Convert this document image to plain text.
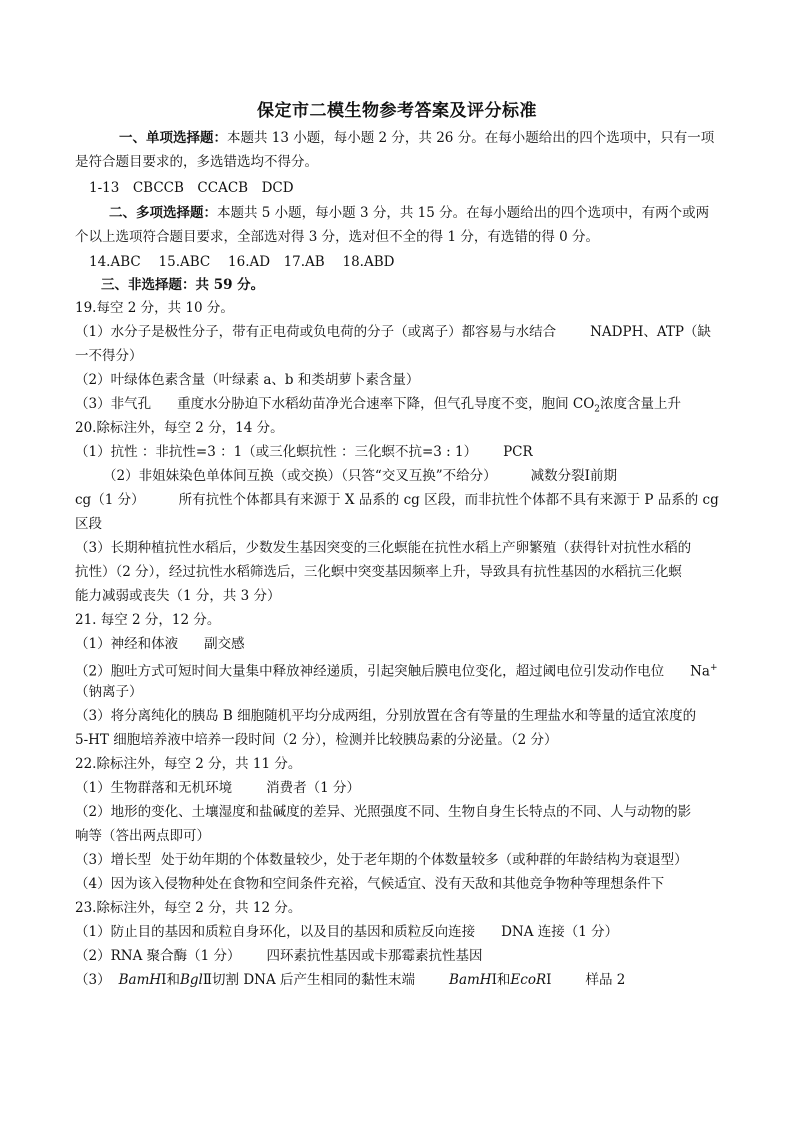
保定市二模生物参考答案及评分标准
一、单项选择题：本题共 13 小题，每小题 2 分，共 26 分。在每小题给出的四个选项中，只有一项
是符合题目要求的，多选错选均不得分。
1-13　CBCCB　CCACB　DCD
二、多项选择题：本题共 5 小题，每小题 3 分，共 15 分。在每小题给出的四个选项中，有两个或两
个以上选项符合题目要求，全部选对得 3 分，选对但不全的得 1 分，有选错的得 0 分。
14.ABC　 15.ABC　 16.AD　17.AB　 18.ABD
三、非选择题：共 59 分。
19.每空 2 分，共 10 分。
（1）水分子是极性分子，带有正电荷或负电荷的分子（或离子）都容易与水结合	NADPH、ATP（缺
一不得分）
（2）叶绿体色素含量（叶绿素 a、b 和类胡萝卜素含量）
（3）非气孔 重度水分胁迫下水稻幼苗净光合速率下降，但气孔导度不变，胞间 $CO_2$浓度含量上升
20.除标注外，每空 2 分，14 分。
（1）抗性 ：非抗性=3 ：1（或三化螟抗性 ：三化螟不抗=3 : 1） PCR
（2）非姐妹染色单体间互换（或交换）（只答“交叉互换”不给分）	减数分裂Ⅰ前期
cg（1 分）	所有抗性个体都具有来源于 X 品系的 cg 区段，而非抗性个体都不具有来源于 P 品系的 cg
区段
（3）长期种植抗性水稻后，少数发生基因突变的三化螟能在抗性水稻上产卵繁殖（获得针对抗性水稻的
抗性）（2 分），经过抗性水稻筛选后，三化螟中突变基因频率上升，导致具有抗性基因的水稻抗三化螟
能力减弱或丧失（1 分，共 3 分）
21. 每空 2 分，12 分。
（1）神经和体液 副交感
（2）胞吐方式可短时间大量集中释放神经递质，引起突触后膜电位变化，超过阈电位引发动作电位 Na+
（钠离子）
（3）将分离纯化的胰岛 B 细胞随机平均分成两组，分别放置在含有等量的生理盐水和等量的适宜浓度的
5-HT 细胞培养液中培养一段时间（2 分），检测并比较胰岛素的分泌量。（2 分）
22.除标注外，每空 2 分，共 11 分。
（1）生物群落和无机环境	消费者（1 分）
（2）地形的变化、土壤湿度和盐碱度的差异、光照强度不同、生物自身生长特点的不同、人与动物的影
响等（答出两点即可）
（3）增长型 处于幼年期的个体数量较少，处于老年期的个体数量较多（或种群的年龄结构为衰退型）
（4）因为该入侵物种处在食物和空间条件充裕，气候适宜、没有天敌和其他竞争物种等理想条件下
23.除标注外，每空 2 分，共 12 分。
（1）防止目的基因和质粒自身环化，以及目的基因和质粒反向连接 DNA 连接（1 分）
（2）RNA 聚合酶（1 分） 四环素抗性基因或卡那霉素抗性基因
（3） BamHⅠ和BglⅡ切割 DNA 后产生相同的黏性末端	BamHⅠ和EcoRⅠ	样品 2
